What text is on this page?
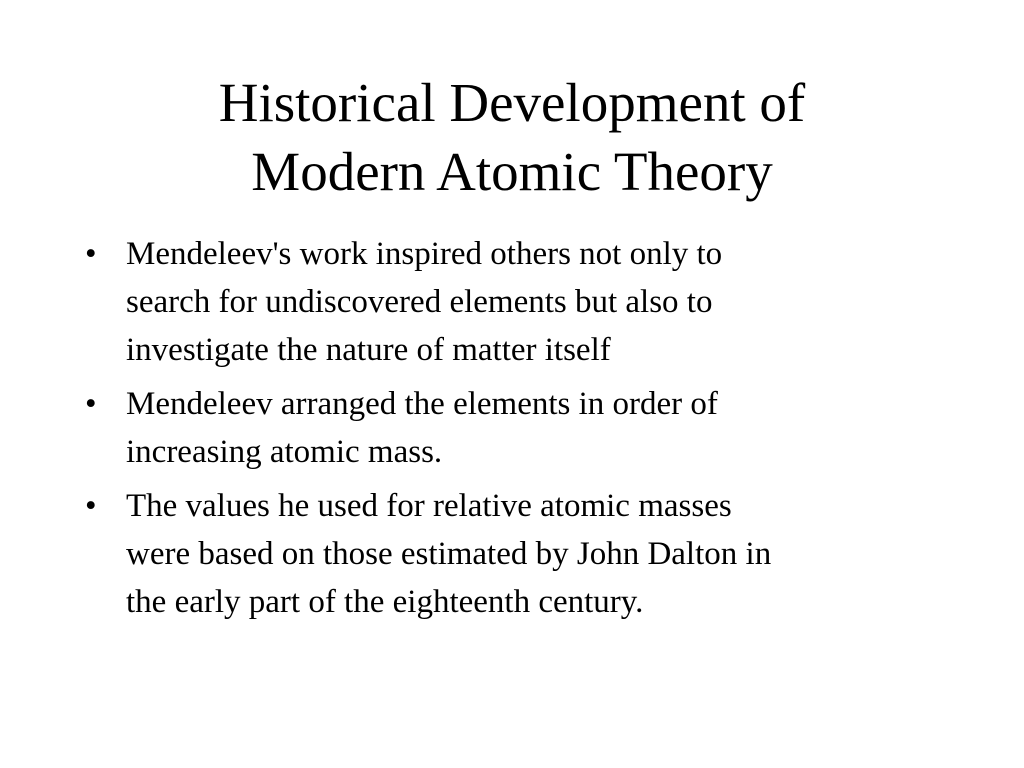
Historical Development of
Modern Atomic Theory
• Mendeleev's work inspired others not only to
search for undiscovered elements but also to
investigate the nature of matter itself
• Mendeleev arranged the elements in order of
increasing atomic mass.
• The values he used for relative atomic masses
were based on those estimated by John Dalton in
the early part of the eighteenth century.
